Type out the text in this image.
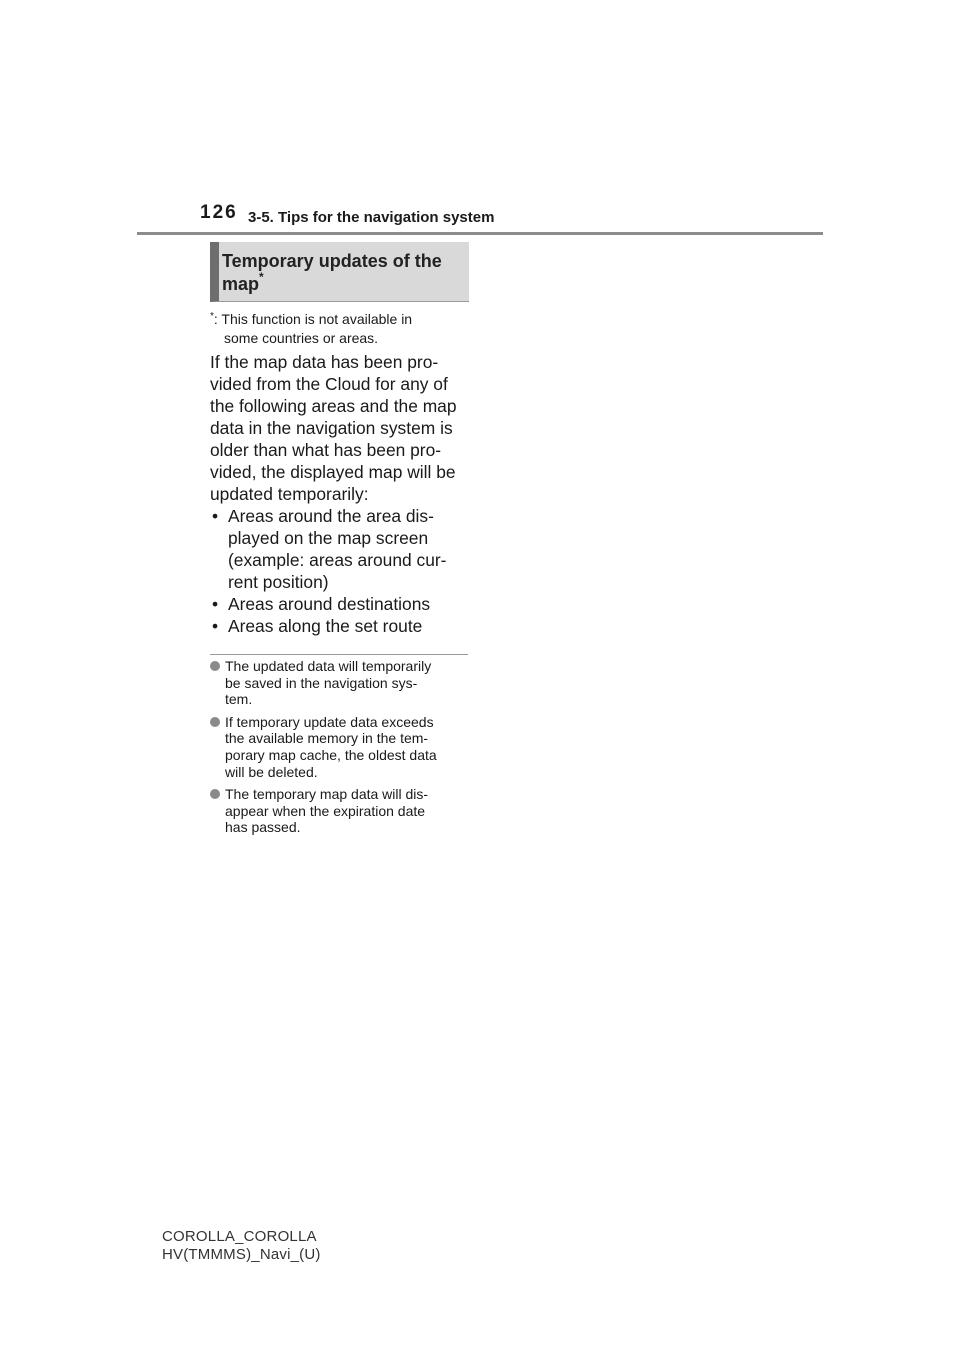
126 3-5. Tips for the navigation system
Temporary updates of the
map*
*: This function is not available in
some countries or areas.
If the map data has been pro-
vided from the Cloud for any of
the following areas and the map
data in the navigation system is
older than what has been pro-
vided, the displayed map will be
updated temporarily:
• Areas around the area dis-
played on the map screen
(example: areas around cur-
rent position)
• Areas around destinations
• Areas along the set route
The updated data will temporarily
be saved in the navigation sys-
tem.
If temporary update data exceeds
the available memory in the tem-
porary map cache, the oldest data
will be deleted.
The temporary map data will dis-
appear when the expiration date
has passed.
COROLLA_COROLLA
HV(TMMMS)_Navi_(U)
